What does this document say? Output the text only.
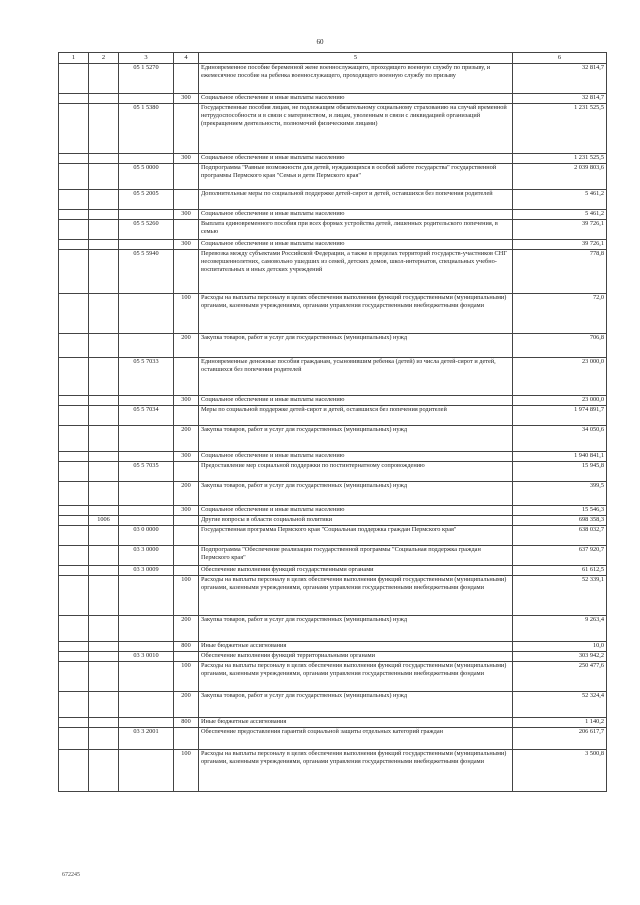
60
1	2	3	4	5	6
		05 1 5270		Единовременное пособие беременной жене военнослужащего, проходящего военную службу по призыву, и ежемесячное пособие на ребенка военнослужащего, проходящего военную службу по призыву	32 814,7
			300	Социальное обеспечение и иные выплаты населению	32 814,7
		05 1 5380		Государственные пособия лицам, не подлежащим обязательному социальному страхованию на случай временной нетрудоспособности и в связи с материнством, и лицам, уволенным в связи с ликвидацией организаций (прекращением деятельности, полномочий физическими лицами)	1 231 525,5
			300	Социальное обеспечение и иные выплаты населению	1 231 525,5
		05 5 0000		Подпрограмма "Равные возможности для детей, нуждающихся в особой заботе государства" государственной программы Пермского края "Семья и дети Пермского края"	2 039 803,6
		05 5 2005		Дополнительные меры по социальной поддержке детей-сирот и детей, оставшихся без попечения родителей	5 461,2
			300	Социальное обеспечение и иные выплаты населению	5 461,2
		05 5 5260		Выплата единовременного пособия при всех формах устройства детей, лишенных родительского попечения, в семью	39 726,1
			300	Социальное обеспечение и иные выплаты населению	39 726,1
		05 5 5940		Перевозка между субъектами Российской Федерации, а также в пределах территорий государств-участников СНГ несовершеннолетних, самовольно ушедших из семей, детских домов, школ-интернатов, специальных учебно-воспитательных и иных детских учреждений	778,8
			100	Расходы на выплаты персоналу в целях обеспечения выполнения функций государственными (муниципальными) органами, казенными учреждениями, органами управления государственными внебюджетными фондами	72,0
			200	Закупка товаров, работ и услуг для государственных (муниципальных) нужд	706,8
		05 5 7033		Единовременные денежные пособия гражданам, усыновившим ребенка (детей) из числа детей-сирот и детей, оставшихся без попечения родителей	23 000,0
			300	Социальное обеспечение и иные выплаты населению	23 000,0
		05 5 7034		Меры по социальной поддержке детей-сирот и детей, оставшихся без попечения родителей	1 974 891,7
			200	Закупка товаров, работ и услуг для государственных (муниципальных) нужд	34 050,6
			300	Социальное обеспечение и иные выплаты населению	1 940 841,1
		05 5 7035		Предоставление мер социальной поддержки по постинтернатному сопровождению	15 945,8
			200	Закупка товаров, работ и услуг для государственных (муниципальных) нужд	399,5
			300	Социальное обеспечение и иные выплаты населению	15 546,3
	1006			Другие вопросы в области социальной политики	698 358,3
		03 0 0000		Государственная программа Пермского края "Социальная поддержка граждан Пермского края"	638 032,7
		03 3 0000		Подпрограмма "Обеспечение реализации государственной программы "Социальная поддержка граждан Пермского края"	637 920,7
		03 3 0009		Обеспечение выполнения функций государственными органами	61 612,5
			100	Расходы на выплаты персоналу в целях обеспечения выполнения функций государственными (муниципальными) органами, казенными учреждениями, органами управления государственными внебюджетными фондами	52 339,1
			200	Закупка товаров, работ и услуг для государственных (муниципальных) нужд	9 263,4
			800	Иные бюджетные ассигнования	10,0
		03 3 0010		Обеспечение выполнения функций территориальными органами	303 942,2
			100	Расходы на выплаты персоналу в целях обеспечения выполнения функций государственными (муниципальными) органами, казенными учреждениями, органами управления государственными внебюджетными фондами	250 477,6
			200	Закупка товаров, работ и услуг для государственных (муниципальных) нужд	52 324,4
			800	Иные бюджетные ассигнования	1 140,2
		03 3 2001		Обеспечение предоставления гарантий социальной защиты отдельных категорий граждан	206 617,7
			100	Расходы на выплаты персоналу в целях обеспечения выполнения функций государственными (муниципальными) органами, казенными учреждениями, органами управления государственными внебюджетными фондами	3 500,8
672245
